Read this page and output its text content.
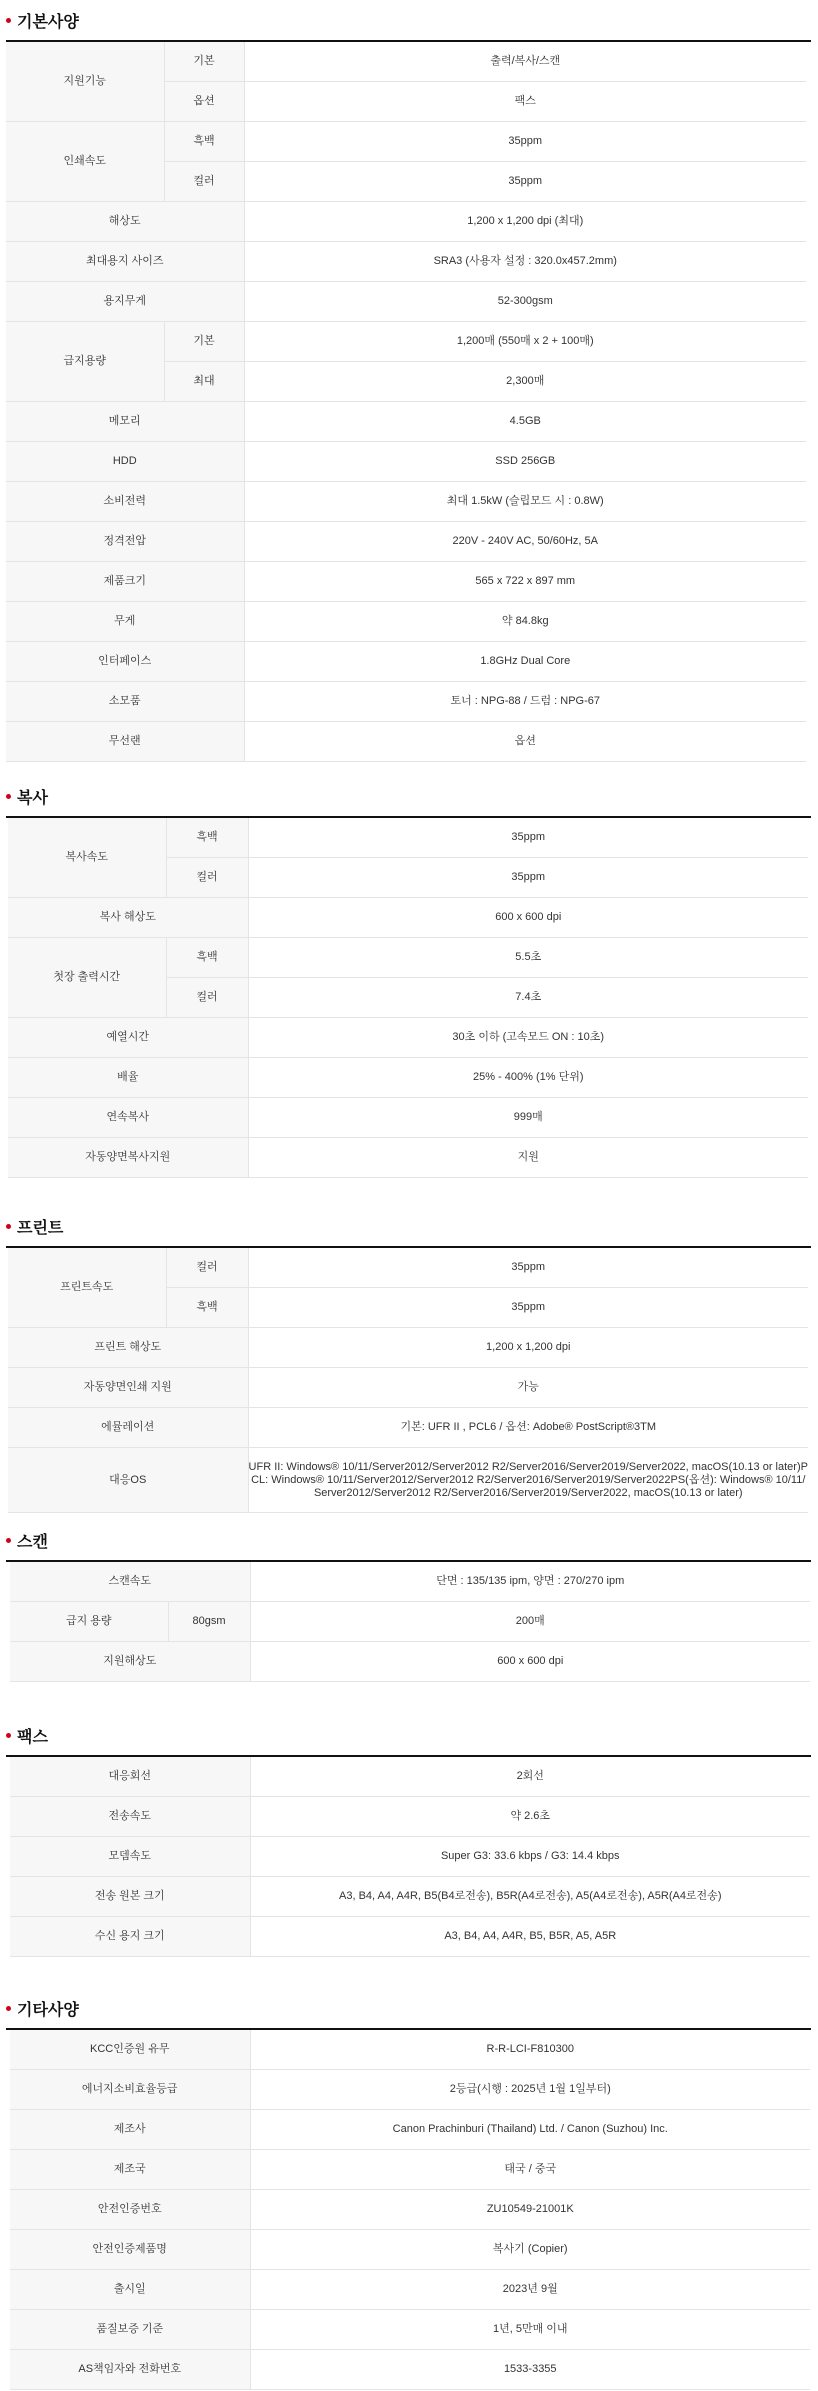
기본사양
지원기능	기본	출력/복사/스캔
	옵션	팩스
인쇄속도	흑백	35ppm
	컬러	35ppm
해상도		1,200 x 1,200 dpi (최대)
최대용지 사이즈		SRA3 (사용자 설정 : 320.0x457.2mm)
용지무게		52-300gsm
급지용량	기본	1,200매 (550매 x 2 + 100매)
	최대	2,300매
메모리		4.5GB
HDD		SSD 256GB
소비전력		최대 1.5kW (슬립모드 시 : 0.8W)
정격전압		220V - 240V AC, 50/60Hz, 5A
제품크기		565 x 722 x 897 mm
무게		약 84.8kg
인터페이스		1.8GHz Dual Core
소모품		토너 : NPG-88 / 드럼 : NPG-67
무선랜		옵션
복사
복사속도	흑백	35ppm
	컬러	35ppm
복사 해상도		600 x 600 dpi
첫장 출력시간	흑백	5.5초
	컬러	7.4초
예열시간		30초 이하 (고속모드 ON : 10초)
배율		25% - 400% (1% 단위)
연속복사		999매
자동양면복사지원		지원
프린트
프린트속도	컬러	35ppm
	흑백	35ppm
프린트 해상도		1,200 x 1,200 dpi
자동양면인쇄 지원		가능
에뮬레이션		기본: UFR II , PCL6 / 옵션: Adobe® PostScript®3TM
대응OS		UFR II: Windows® 10/11/Server2012/Server2012 R2/Server2016/Server2019/Server2022, macOS(10.13 or later)PCL: Windows® 10/11/Server2012/Server2012 R2/Server2016/Server2019/Server2022PS(옵션): Windows® 10/11/Server2012/Server2012 R2/Server2016/Server2019/Server2022, macOS(10.13 or later)
스캔
스캔속도		단면 : 135/135 ipm, 양면 : 270/270 ipm
급지 용량	80gsm	200매
지원해상도		600 x 600 dpi
팩스
대응회선	2회선
전송속도	약 2.6초
모뎀속도	Super G3: 33.6 kbps / G3: 14.4 kbps
전송 원본 크기	A3, B4, A4, A4R, B5(B4로전송), B5R(A4로전송), A5(A4로전송), A5R(A4로전송)
수신 용지 크기	A3, B4, A4, A4R, B5, B5R, A5, A5R
기타사양
KCC인증원 유무	R-R-LCI-F810300
에너지소비효율등급	2등급(시행 : 2025년 1월 1일부터)
제조사	Canon Prachinburi (Thailand) Ltd. / Canon (Suzhou) Inc.
제조국	태국 / 중국
안전인증번호	ZU10549-21001K
안전인증제품명	복사기 (Copier)
출시일	2023년 9월
품질보증 기준	1년, 5만매 이내
AS책임자와 전화번호	1533-3355
